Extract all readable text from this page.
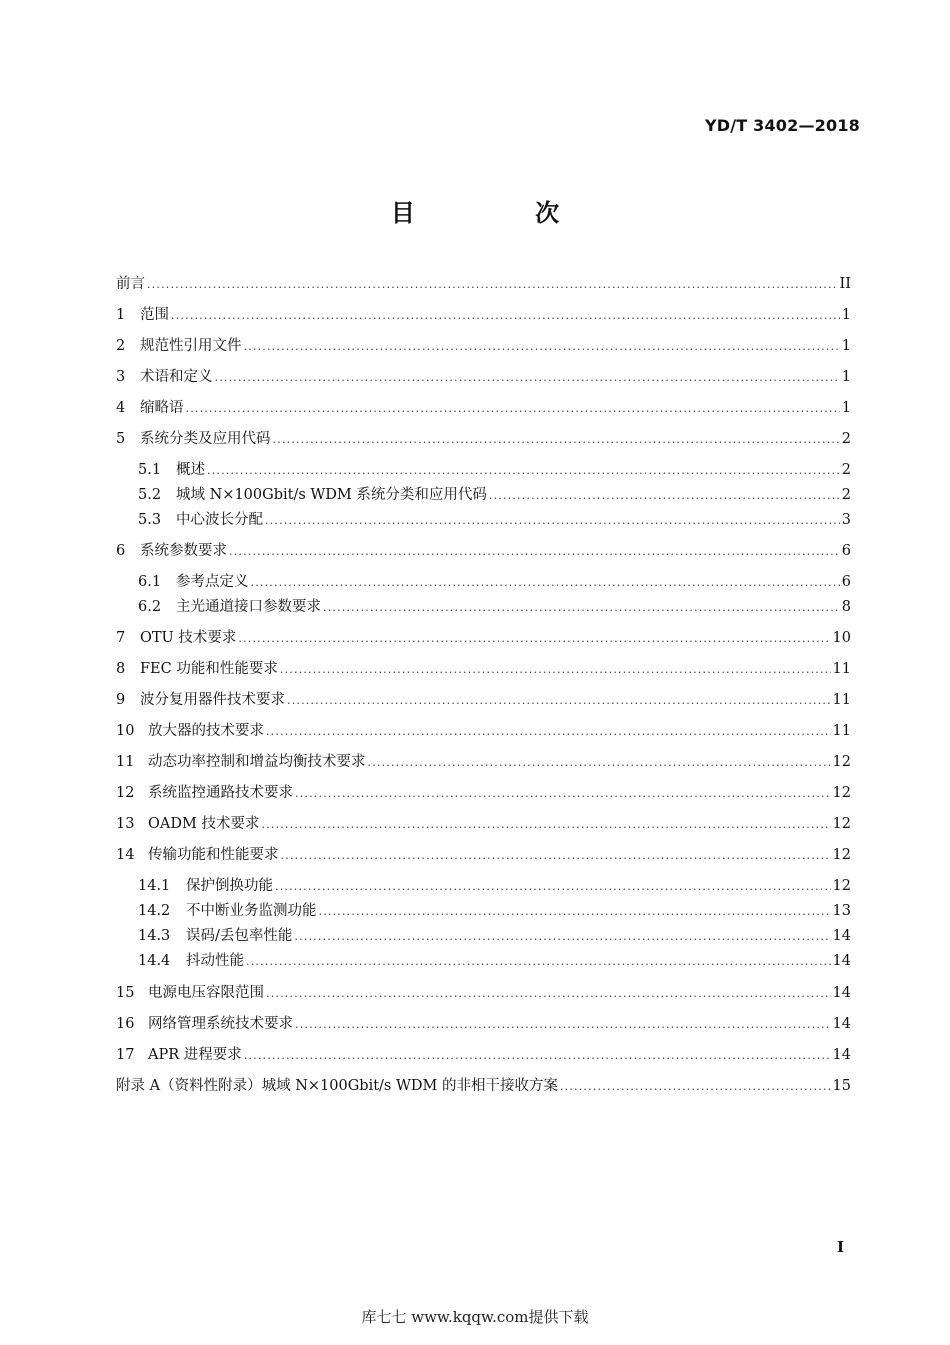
YD/T 3402—2018
目 次
前言 .....	II
1	范围 .....	1
2	规范性引用文件 .....	1
3	术语和定义 .....	1
4	缩略语 .....	1
5	系统分类及应用代码 .....	2
5.1	概述 .....	2
5.2	城域 N×100Gbit/s WDM 系统分类和应用代码 .....	2
5.3	中心波长分配 .....	3
6	系统参数要求 .....	6
6.1	参考点定义 .....	6
6.2	主光通道接口参数要求 .....	8
7	OTU 技术要求 .....	10
8	FEC 功能和性能要求 .....	11
9	波分复用器件技术要求 .....	11
10 放大器的技术要求 .....	11
11 动态功率控制和增益均衡技术要求 .....	12
12 系统监控通路技术要求 .....	12
13 OADM 技术要求 .....	12
14 传输功能和性能要求 .....	12
14.1	保护倒换功能 .....	12
14.2	不中断业务监测功能 .....	13
14.3	误码/丢包率性能 .....	14
14.4	抖动性能 .....	14
15 电源电压容限范围 .....	14
16 网络管理系统技术要求 .....	14
17 APR 进程要求 .....	14
附录 A（资料性附录）城域 N×100Gbit/s WDM 的非相干接收方案 .....	15
I
库七七 www.kqqw.com提供下载
